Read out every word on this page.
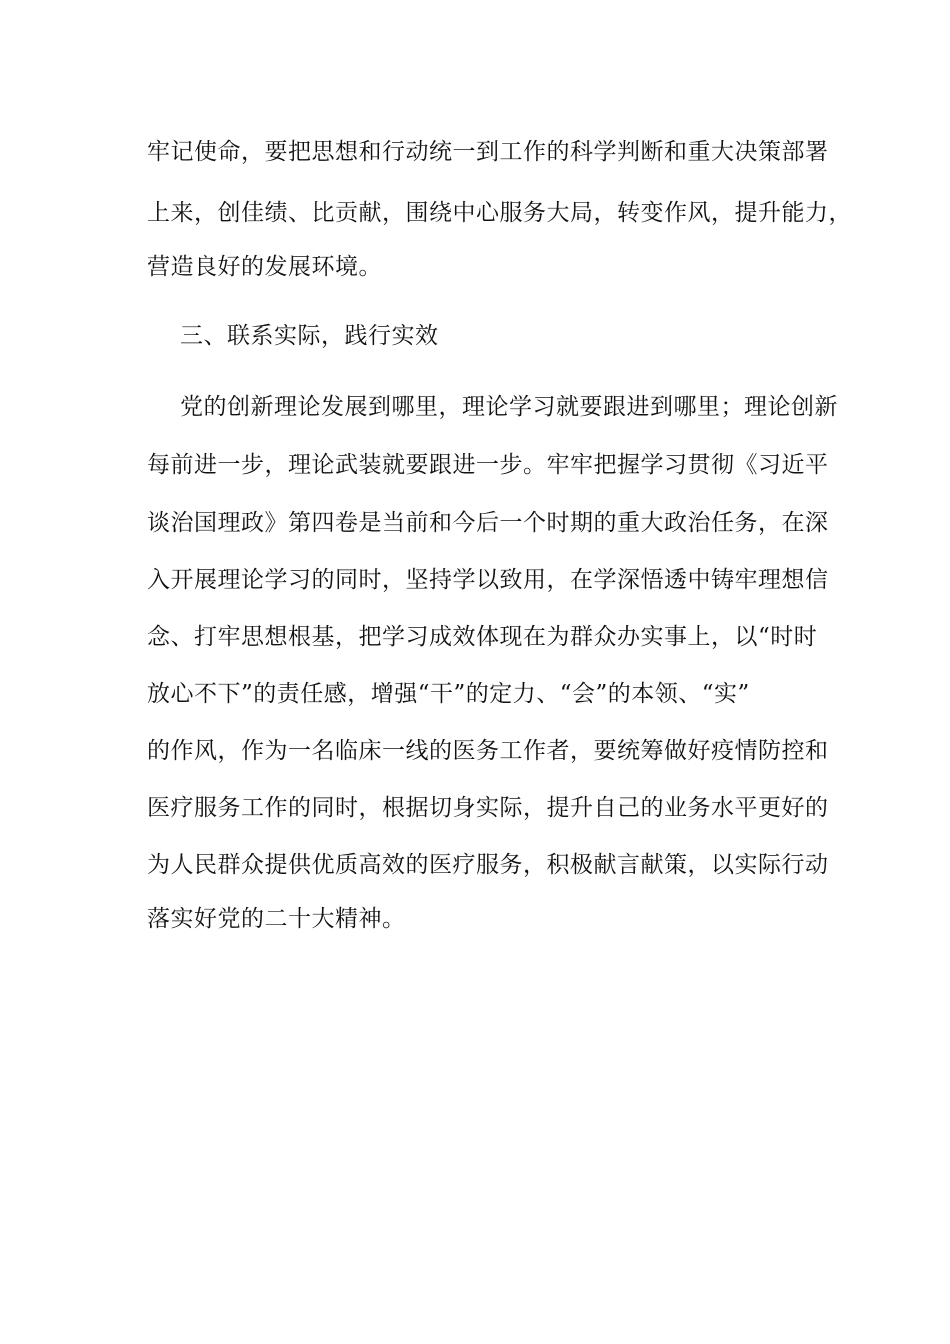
牢记使命，要把思想和行动统一到工作的科学判断和重大决策部署
上来，创佳绩、比贡献，围绕中心服务大局，转变作风，提升能力，
营造良好的发展环境。
三、联系实际，践行实效
党的创新理论发展到哪里，理论学习就要跟进到哪里；理论创新
每前进一步，理论武装就要跟进一步。牢牢把握学习贯彻《习近平
谈治国理政》第四卷是当前和今后一个时期的重大政治任务，在深
入开展理论学习的同时，坚持学以致用，在学深悟透中铸牢理想信
念、打牢思想根基，把学习成效体现在为群众办实事上，以“时时
放心不下”的责任感，增强“干”的定力、“会”的本领、“实”
的作风，作为一名临床一线的医务工作者，要统筹做好疫情防控和
医疗服务工作的同时，根据切身实际，提升自己的业务水平更好的
为人民群众提供优质高效的医疗服务，积极献言献策，以实际行动
落实好党的二十大精神。
